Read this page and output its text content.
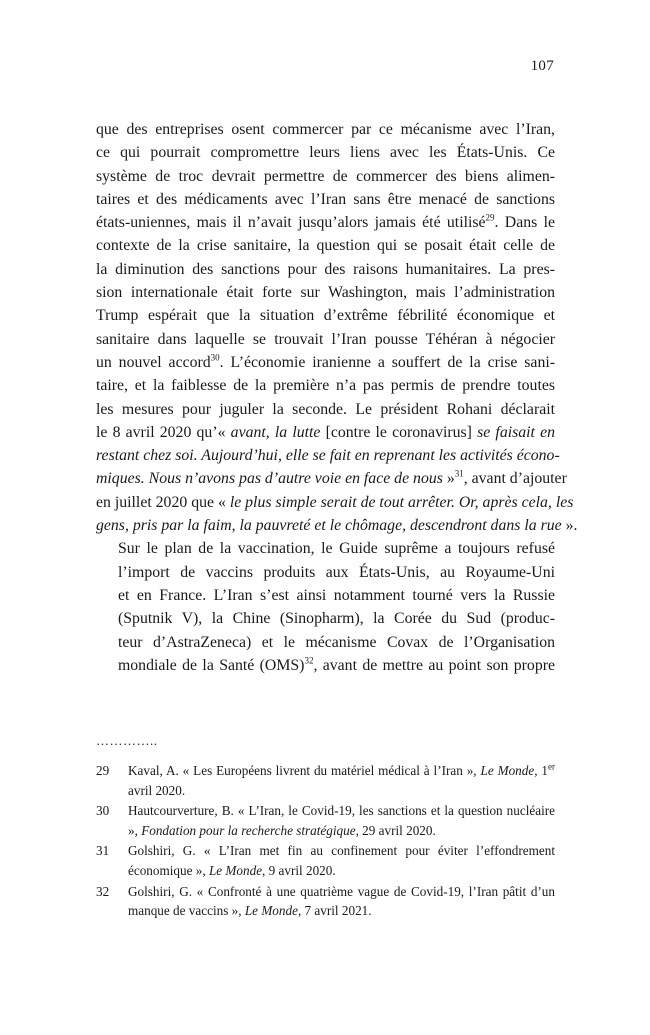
107

que des entreprises osent commercer par ce mécanisme avec l’Iran,
ce qui pourrait compromettre leurs liens avec les États-Unis. Ce
système de troc devrait permettre de commercer des biens alimen-
taires et des médicaments avec l’Iran sans être menacé de sanctions
états-uniennes, mais il n’avait jusqu’alors jamais été utilisé$^{29}$. Dans le
contexte de la crise sanitaire, la question qui se posait était celle de
la diminution des sanctions pour des raisons humanitaires. La pres-
sion internationale était forte sur Washington, mais l’administration
Trump espérait que la situation d’extrême fébrilité économique et
sanitaire dans laquelle se trouvait l’Iran pousse Téhéran à négocier
un nouvel accord$^{30}$. L’économie iranienne a souffert de la crise sani-
taire, et la faiblesse de la première n’a pas permis de prendre toutes
les mesures pour juguler la seconde. Le président Rohani déclarait
le 8 avril 2020 qu’« avant, la lutte [contre le coronavirus] se faisait en
restant chez soi. Aujourd’hui, elle se fait en reprenant les activités écono-
miques. Nous n’avons pas d’autre voie en face de nous »$^{31}$, avant d’ajouter
en juillet 2020 que « le plus simple serait de tout arrêter. Or, après cela, les
gens, pris par la faim, la pauvreté et le chômage, descendront dans la rue ».

Sur le plan de la vaccination, le Guide suprême a toujours refusé
l’import de vaccins produits aux États-Unis, au Royaume-Uni
et en France. L’Iran s’est ainsi notamment tourné vers la Russie
(Sputnik V), la Chine (Sinopharm), la Corée du Sud (produc-
teur d’AstraZeneca) et le mécanisme Covax de l’Organisation
mondiale de la Santé (OMS)$^{32}$, avant de mettre au point son propre

…………..
29	Kaval, A. « Les Européens livrent du matériel médical à l’Iran », Le Monde, 1er avril 2020.
30	Hautcourverture, B. « L’Iran, le Covid-19, les sanctions et la question nucléaire », Fondation pour la recherche stratégique, 29 avril 2020.
31	Golshiri, G. « L’Iran met fin au confinement pour éviter l’effondrement économique », Le Monde, 9 avril 2020.
32	Golshiri, G. « Confronté à une quatrième vague de Covid-19, l’Iran pâtit d’un manque de vaccins », Le Monde, 7 avril 2021.
